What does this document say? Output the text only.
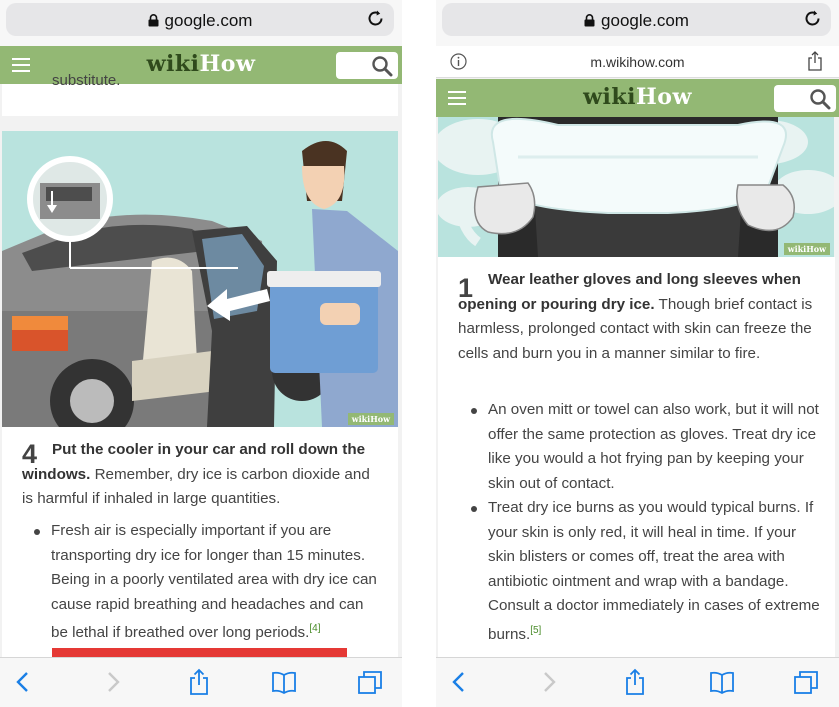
google.com
wikiHow
substitute.
wikiHow
4 Put the cooler in your car and roll down the windows. Remember, dry ice is carbon dioxide and is harmful if inhaled in large quantities.
Fresh air is especially important if you are transporting dry ice for longer than 15 minutes. Being in a poorly ventilated area with dry ice can cause rapid breathing and headaches and can be lethal if breathed over long periods.[4]
google.com
m.wikihow.com
wikiHow
wikiHow
1 Wear leather gloves and long sleeves when opening or pouring dry ice. Though brief contact is harmless, prolonged contact with skin can freeze the cells and burn you in a manner similar to fire.
An oven mitt or towel can also work, but it will not offer the same protection as gloves. Treat dry ice like you would a hot frying pan by keeping your skin out of contact.
Treat dry ice burns as you would typical burns. If your skin is only red, it will heal in time. If your skin blisters or comes off, treat the area with antibiotic ointment and wrap with a bandage. Consult a doctor immediately in cases of extreme burns.[5]
